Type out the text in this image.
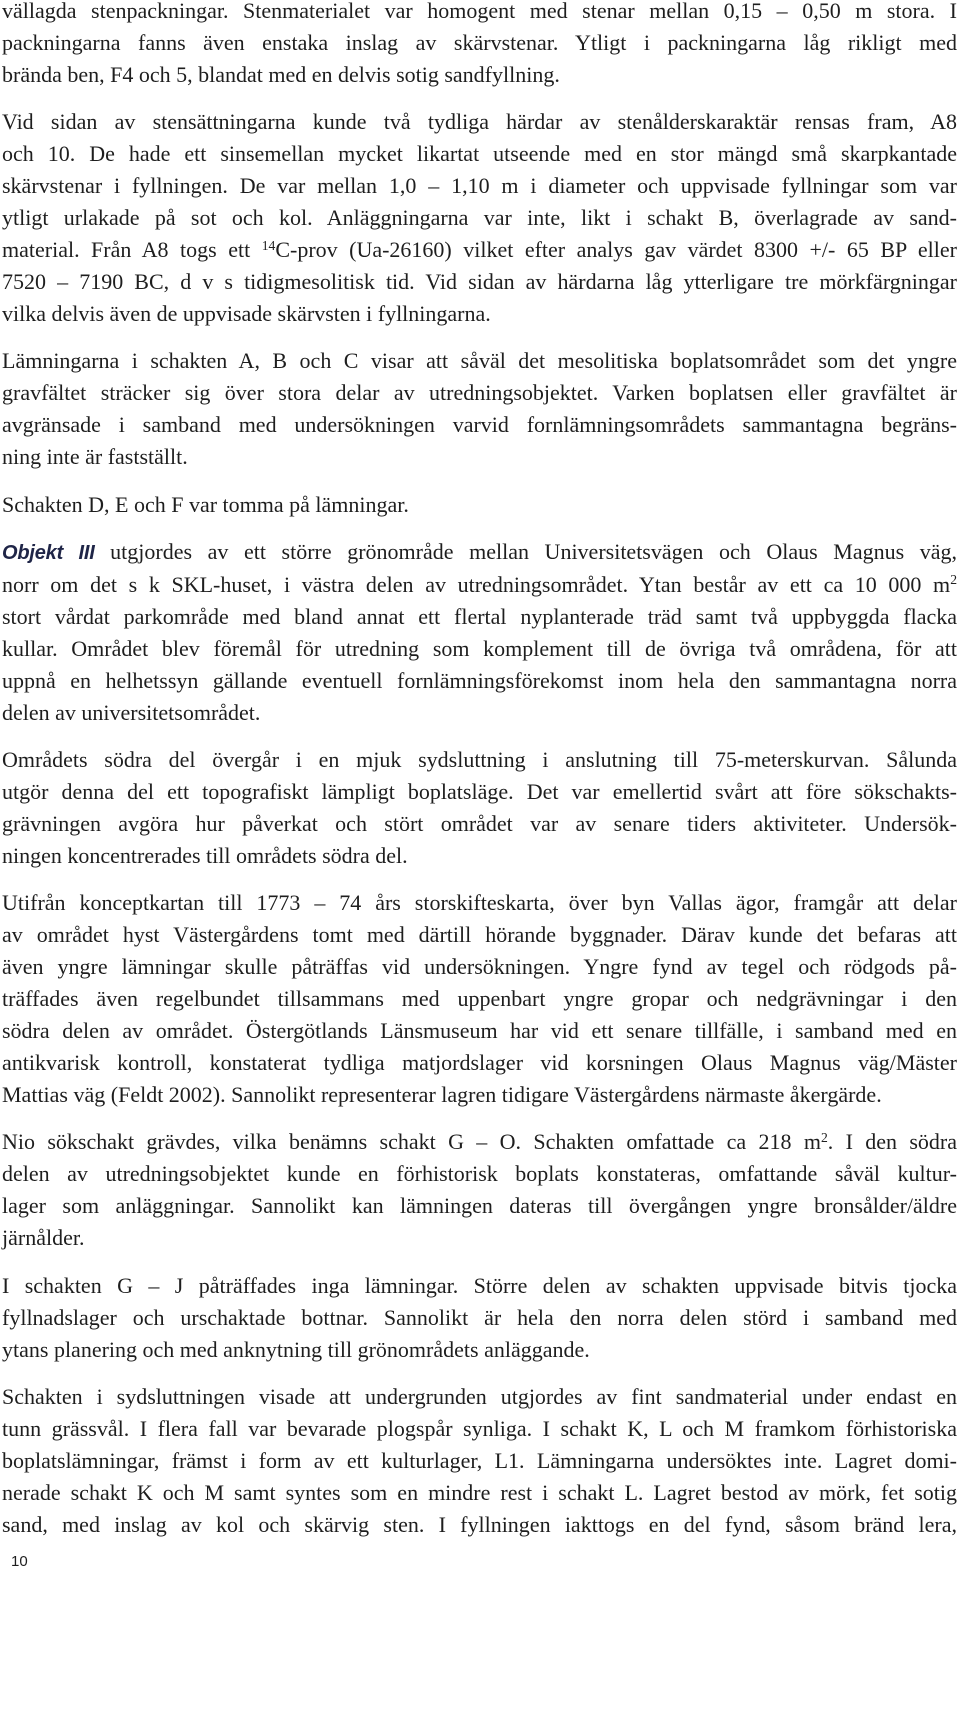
vällagda stenpackningar. Stenmaterialet var homogent med stenar mellan 0,15 – 0,50 m stora. I
packningarna fanns även enstaka inslag av skärvstenar. Ytligt i packningarna låg rikligt med
brända ben, F4 och 5, blandat med en delvis sotig sandfyllning.
Vid sidan av stensättningarna kunde två tydliga härdar av stenålderskaraktär rensas fram, A8
och 10. De hade ett sinsemellan mycket likartat utseende med en stor mängd små skarpkantade
skärvstenar i fyllningen. De var mellan 1,0 – 1,10 m i diameter och uppvisade fyllningar som var
ytligt urlakade på sot och kol. Anläggningarna var inte, likt i schakt B, överlagrade av sand-
material. Från A8 togs ett $^{14}$C-prov (Ua-26160) vilket efter analys gav värdet 8300 +/- 65 BP eller
7520 – 7190 BC, d v s tidigmesolitisk tid. Vid sidan av härdarna låg ytterligare tre mörkfärgningar
vilka delvis även de uppvisade skärvsten i fyllningarna.
Lämningarna i schakten A, B och C visar att såväl det mesolitiska boplatsområdet som det yngre
gravfältet sträcker sig över stora delar av utredningsobjektet. Varken boplatsen eller gravfältet är
avgränsade i samband med undersökningen varvid fornlämningsområdets sammantagna begräns-
ning inte är fastställt.
Schakten D, E och F var tomma på lämningar.
Objekt III utgjordes av ett större grönområde mellan Universitetsvägen och Olaus Magnus väg,
norr om det s k SKL-huset, i västra delen av utredningsområdet. Ytan består av ett ca 10 000 $m^2$
stort vårdat parkområde med bland annat ett flertal nyplanterade träd samt två uppbyggda flacka
kullar. Området blev föremål för utredning som komplement till de övriga två områdena, för att
uppnå en helhetssyn gällande eventuell fornlämningsförekomst inom hela den sammantagna norra
delen av universitetsområdet.
Områdets södra del övergår i en mjuk sydsluttning i anslutning till 75-meterskurvan. Sålunda
utgör denna del ett topografiskt lämpligt boplatsläge. Det var emellertid svårt att före sökschakts-
grävningen avgöra hur påverkat och stört området var av senare tiders aktiviteter. Undersök-
ningen koncentrerades till områdets södra del.
Utifrån konceptkartan till 1773 – 74 års storskifteskarta, över byn Vallas ägor, framgår att delar
av området hyst Västergårdens tomt med därtill hörande byggnader. Därav kunde det befaras att
även yngre lämningar skulle påträffas vid undersökningen. Yngre fynd av tegel och rödgods på-
träffades även regelbundet tillsammans med uppenbart yngre gropar och nedgrävningar i den
södra delen av området. Östergötlands Länsmuseum har vid ett senare tillfälle, i samband med en
antikvarisk kontroll, konstaterat tydliga matjordslager vid korsningen Olaus Magnus väg/Mäster
Mattias väg (Feldt 2002). Sannolikt representerar lagren tidigare Västergårdens närmaste åkergärde.
Nio sökschakt grävdes, vilka benämns schakt G – O. Schakten omfattade ca 218 $m^2$. I den södra
delen av utredningsobjektet kunde en förhistorisk boplats konstateras, omfattande såväl kultur-
lager som anläggningar. Sannolikt kan lämningen dateras till övergången yngre bronsålder/äldre
järnålder.
I schakten G – J påträffades inga lämningar. Större delen av schakten uppvisade bitvis tjocka
fyllnadslager och urschaktade bottnar. Sannolikt är hela den norra delen störd i samband med
ytans planering och med anknytning till grönområdets anläggande.
Schakten i sydsluttningen visade att undergrunden utgjordes av fint sandmaterial under endast en
tunn grässvål. I flera fall var bevarade plogspår synliga. I schakt K, L och M framkom förhistoriska
boplatslämningar, främst i form av ett kulturlager, L1. Lämningarna undersöktes inte. Lagret domi-
nerade schakt K och M samt syntes som en mindre rest i schakt L. Lagret bestod av mörk, fet sotig
sand, med inslag av kol och skärvig sten. I fyllningen iakttogs en del fynd, såsom bränd lera,
10
